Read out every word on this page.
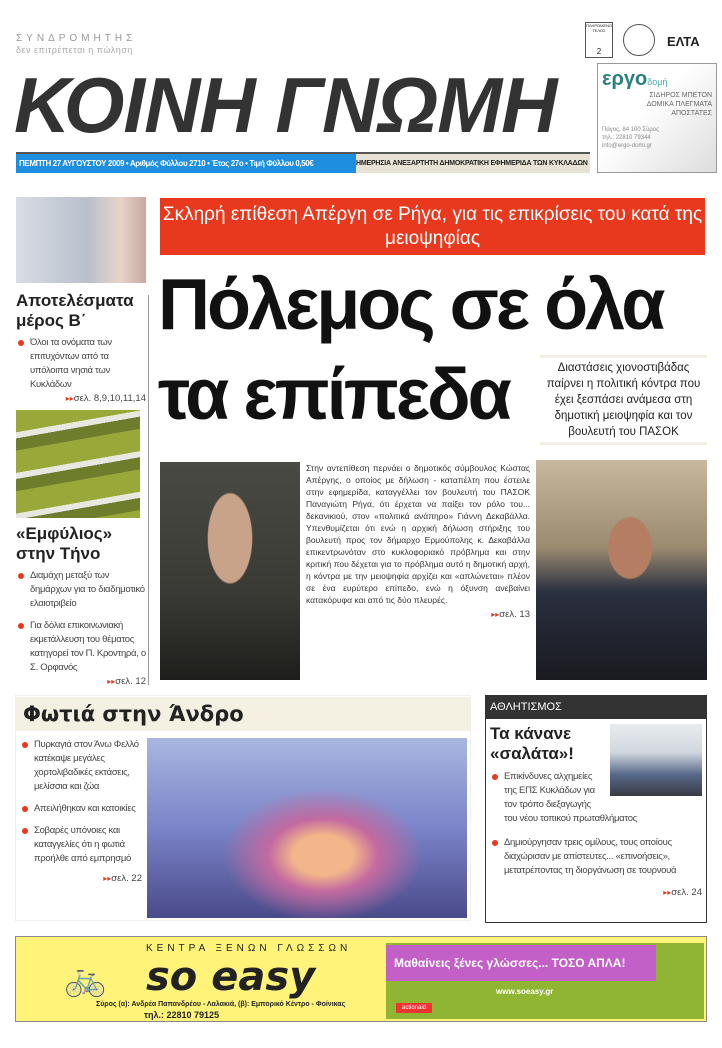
ΣΥΝΔΡΟΜΗΤΗΣ
δεν επιτρέπεται η πώληση
ΚΟΙΝΗ ΓΝΩΜΗ
ΠΕΜΠΤΗ 27 ΑΥΓΟΥΣΤΟΥ 2009 • Αριθμός Φύλλου 2710 • Έτος 27ο • Τιμή Φύλλου 0,50€	ΗΜΕΡΗΣΙΑ ΑΝΕΞΑΡΤΗΤΗ ΔΗΜΟΚΡΑΤΙΚΗ ΕΦΗΜΕΡΙΔΑ ΤΩΝ ΚΥΚΛΑΔΩΝ
ΠΛΗΡΩΜΕΝΟ ΤΕΛΟΣ
2
ΕΛΤΑ
εργοδομή
ΣΙΔΗΡΟΣ ΜΠΕΤΟΝ
ΔΟΜΙΚΑ ΠΛΕΓΜΑΤΑ
ΑΠΟΣΤΑΤΕΣ
Πάγος, 84 100 Σύρος
τηλ.: 22810 79344
info@ergo-domi.gr
Σκληρή επίθεση Απέργη σε Ρήγα, για τις επικρίσεις του κατά της μειοψηφίας
Αποτελέσματα μέρος Β΄
Όλοι τα ονόματα των επιτυχόντων από τα υπόλοιπα νησιά των Κυκλάδων
▸▸σελ. 8,9,10,11,14
«Εμφύλιος» στην Τήνο
Διαμάχη μεταξύ των δημάρχων για το διαδημοτικό ελαιοτριβείο
Για δόλια επικοινωνιακή εκμετάλλευση του θέματος κατηγορεί τον Π. Κροντηρά, ο Σ. Ορφανός
▸▸σελ. 12
Πόλεμος σε όλα
τα επίπεδα	Διαστάσεις χιονοστιβάδας παίρνει η πολιτική κόντρα που έχει ξεσπάσει ανάμεσα στη δημοτική μειοψηφία και τον βουλευτή του ΠΑΣΟΚ
Στην αντεπίθεση περνάει ο δημοτικός σύμβουλος Κώστας Απέργης, ο οποίος με δήλωση - καταπέλτη που έστειλε στην εφημερίδα, καταγγέλλει τον βουλευτή του ΠΑΣΟΚ Παναγιώτη Ρήγα, ότι έρχεται να παίξει τον ρόλο του... δεκανικιού, στον «πολιτικά ανάπηρο» Γιάννη Δεκαβάλλα. Υπενθυμίζεται ότι ενώ η αρχική δήλωση στήριξης του βουλευτή προς τον δήμαρχο Ερμούπολης κ. Δεκαβάλλα επικεντρωνόταν στο κυκλοφοριακό πρόβλημα και στην κριτική που δέχεται για το πρόβλημα αυτό η δημοτική αρχή, η κόντρα με την μειοψηφία αρχίζει και «απλώνεται» πλέον σε ένα ευρύτερο επίπεδο, ενώ η όξυνση ανεβαίνει κατακόρυφα και από τις δύο πλευρές.
▸▸σελ. 13
Φωτιά στην Άνδρο
Πυρκαγιά στον Άνω Φελλό κατέκαψε μεγάλες χορτολιβαδικές εκτάσεις, μελίσσια και ζώα
Απειλήθηκαν και κατοικίες
Σοβαρές υπόνοιες και καταγγελίες ότι η φωτιά προήλθε από εμπρησμό
▸▸σελ. 22
ΑΘΛΗΤΙΣΜΟΣ
Τα κάνανε «σαλάτα»!
Επικίνδυνες αλχημείες της ΕΠΣ Κυκλάδων για τον τρόπο διεξαγωγής του νέου τοπικού πρωταθλήματος
Δημιούργησαν τρεις ομίλους, τους οποίους διαχώρισαν με απίστευτες... «επινοήσεις», μετατρέποντας τη διοργάνωση σε τουρνουά
▸▸σελ. 24
🚲
ΚΕΝΤΡΑ ΞΕΝΩΝ ΓΛΩΣΣΩΝ
so easy
Σύρος (α): Ανδρέα Παπανδρέου - Λαλακιά, (β): Εμπορικό Κέντρο - Φοίνικας
τηλ.: 22810 79125
Μαθαίνεις ξένες γλώσσες... ΤΟΣΟ ΑΠΛΑ!
www.soeasy.gr
actionaid
